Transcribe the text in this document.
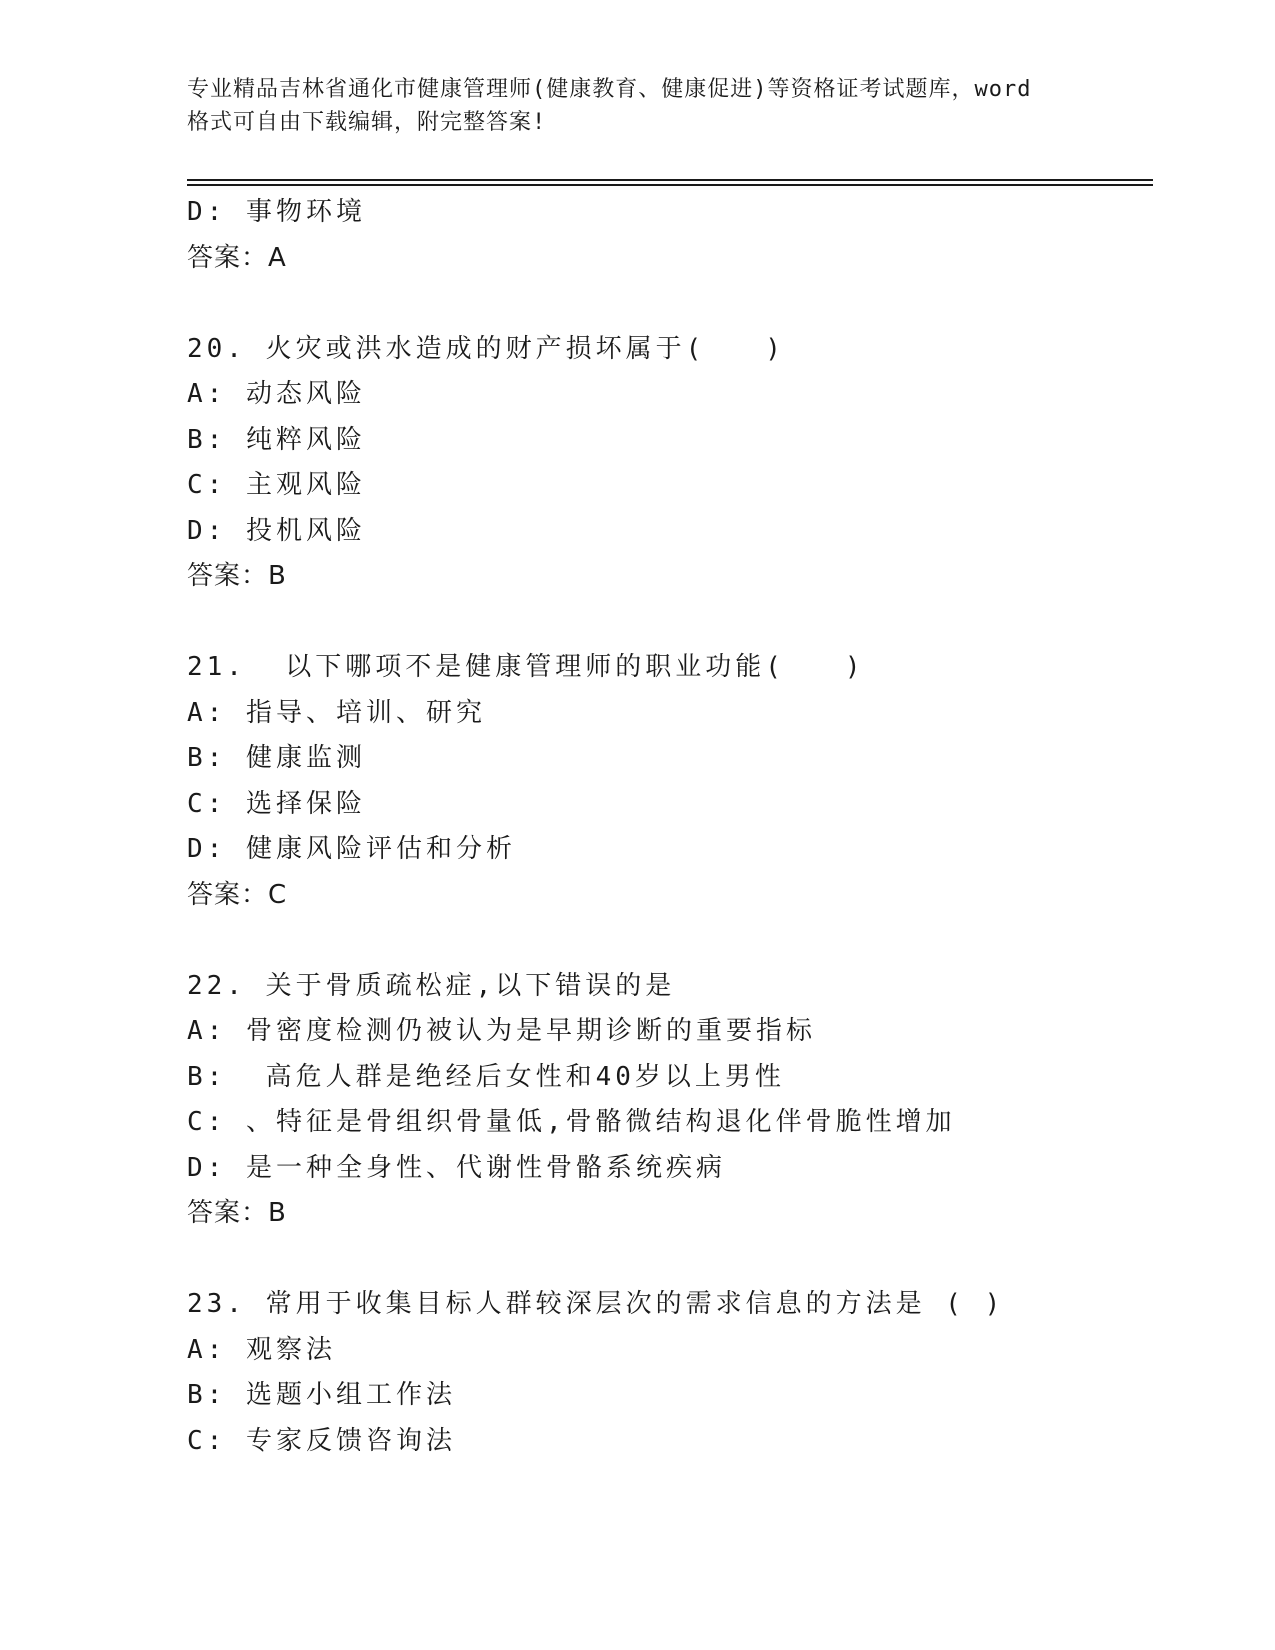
专业精品吉林省通化市健康管理师(健康教育、健康促进)等资格证考试题库，word
格式可自由下载编辑，附完整答案!
D: 事物环境
答案：A
20. 火灾或洪水造成的财产损坏属于(　　)
A: 动态风险
B: 纯粹风险
C: 主观风险
D: 投机风险
答案：B
21.  以下哪项不是健康管理师的职业功能(　　)
A: 指导、培训、研究
B: 健康监测
C: 选择保险
D: 健康风险评估和分析
答案：C
22. 关于骨质疏松症,以下错误的是
A: 骨密度检测仍被认为是早期诊断的重要指标
B:  高危人群是绝经后女性和40岁以上男性
C: 、特征是骨组织骨量低,骨骼微结构退化伴骨脆性增加
D: 是一种全身性、代谢性骨骼系统疾病
答案：B
23. 常用于收集目标人群较深层次的需求信息的方法是 ( )
A: 观察法
B: 选题小组工作法
C: 专家反馈咨询法
